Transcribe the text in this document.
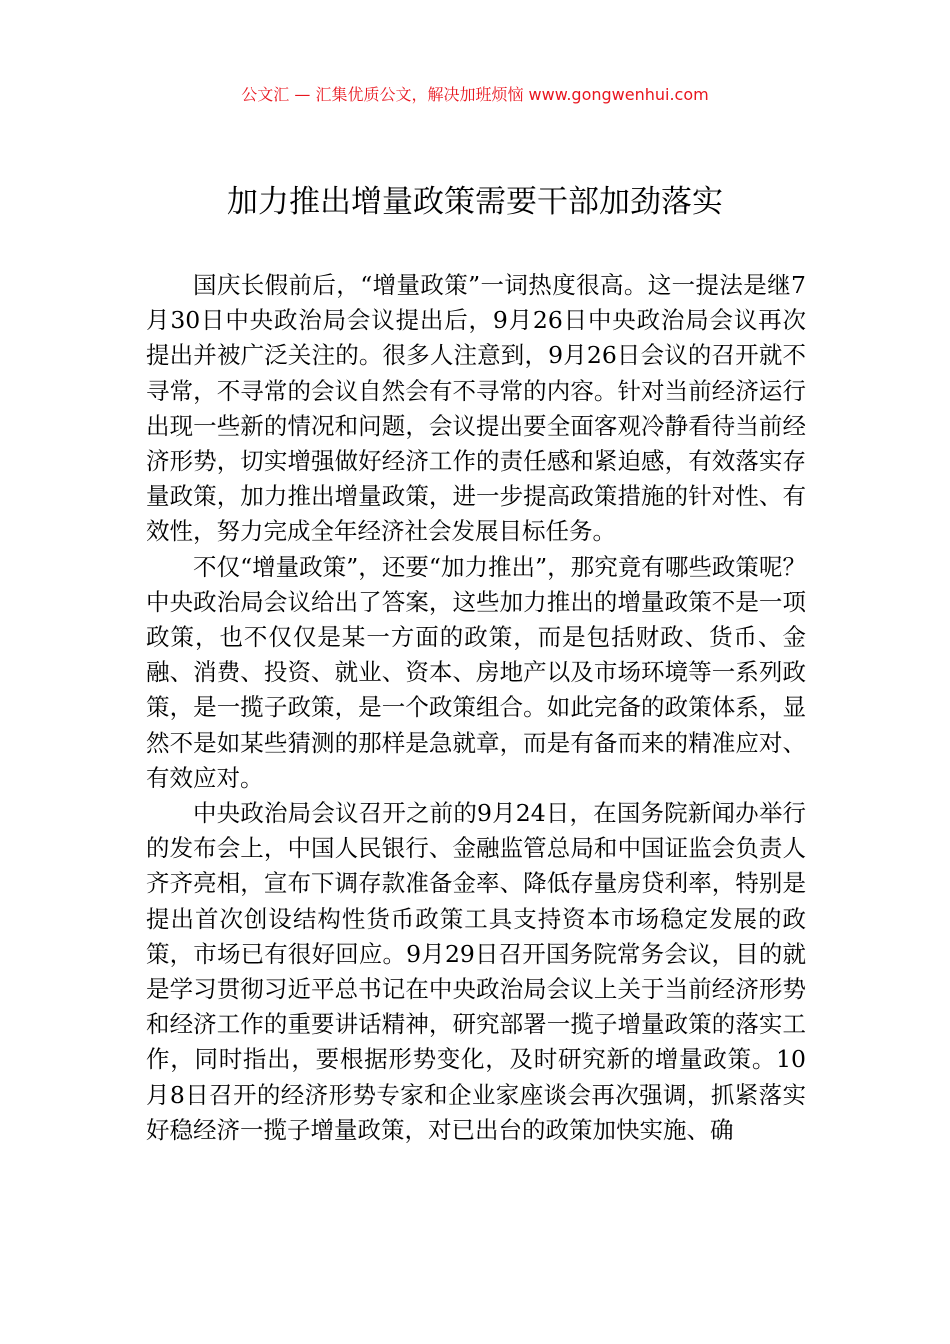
公文汇 — 汇集优质公文，解决加班烦恼 www.gongwenhui.com
加力推出增量政策需要干部加劲落实

国庆长假前后，“增量政策”一词热度很高。这一提法是继7月30日中央政治局会议提出后，9月26日中央政治局会议再次提出并被广泛关注的。很多人注意到，9月26日会议的召开就不寻常，不寻常的会议自然会有不寻常的内容。针对当前经济运行出现一些新的情况和问题，会议提出要全面客观冷静看待当前经济形势，切实增强做好经济工作的责任感和紧迫感，有效落实存量政策，加力推出增量政策，进一步提高政策措施的针对性、有效性，努力完成全年经济社会发展目标任务。

不仅“增量政策”，还要“加力推出”，那究竟有哪些政策呢？中央政治局会议给出了答案，这些加力推出的增量政策不是一项政策，也不仅仅是某一方面的政策，而是包括财政、货币、金融、消费、投资、就业、资本、房地产以及市场环境等一系列政策，是一揽子政策，是一个政策组合。如此完备的政策体系，显然不是如某些猜测的那样是急就章，而是有备而来的精准应对、有效应对。

中央政治局会议召开之前的9月24日，在国务院新闻办举行的发布会上，中国人民银行、金融监管总局和中国证监会负责人齐齐亮相，宣布下调存款准备金率、降低存量房贷利率，特别是提出首次创设结构性货币政策工具支持资本市场稳定发展的政策，市场已有很好回应。9月29日召开国务院常务会议，目的就是学习贯彻习近平总书记在中央政治局会议上关于当前经济形势和经济工作的重要讲话精神，研究部署一揽子增量政策的落实工作，同时指出，要根据形势变化，及时研究新的增量政策。10月8日召开的经济形势专家和企业家座谈会再次强调，抓紧落实好稳经济一揽子增量政策，对已出台的政策加快实施、确
